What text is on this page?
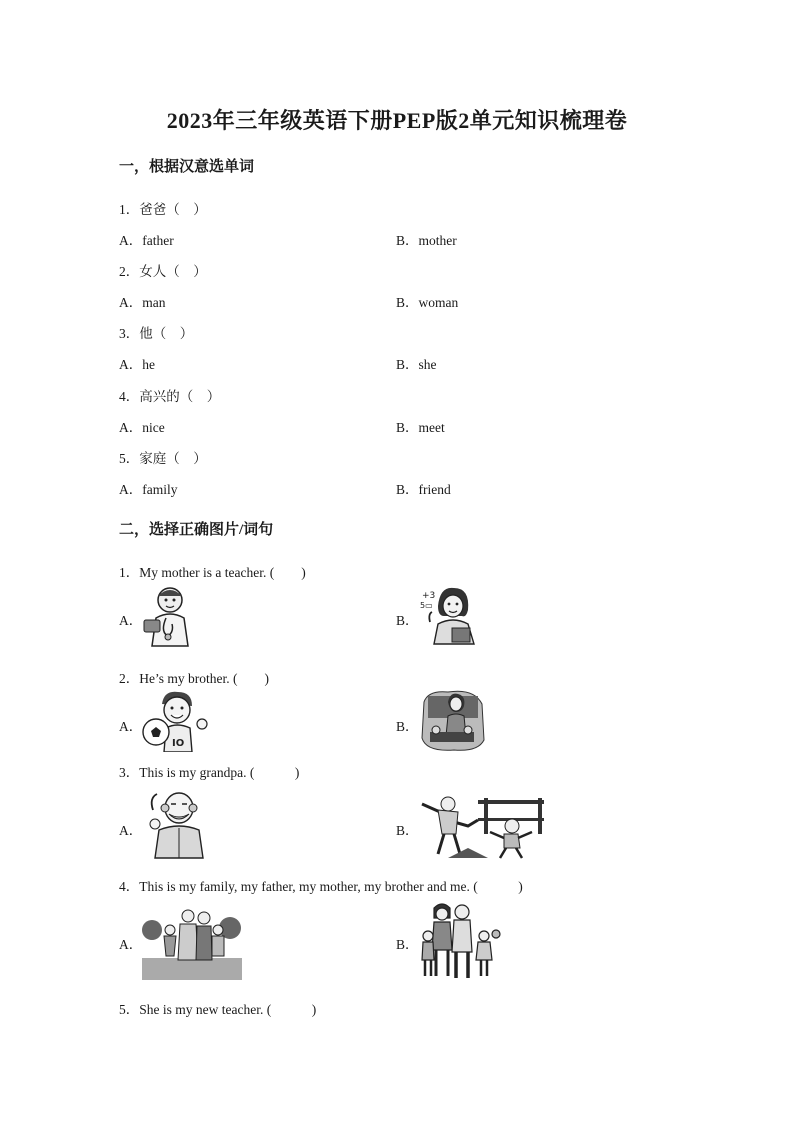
2023年三年级英语下册PEP版2单元知识梳理卷
一，根据汉意选单词
1．爸爸（　）
A．father	B．mother
2．女人（　）
A．man	B．woman
3．他（　）
A．he	B．she
4．高兴的（　）
A．nice	B．meet
5．家庭（　）
A．family	B．friend
二，选择正确图片/词句
1．My mother is a teacher. (　　)
A．	B．
+3
5▭
2．He’s my brother. (　　)
A．
IO
B．
3．This is my grandpa. (　　　)
A．	B．
4．This is my family, my father, my mother, my brother and me. (　　　)
A．	B．
5．She is my new teacher. (　　　)
